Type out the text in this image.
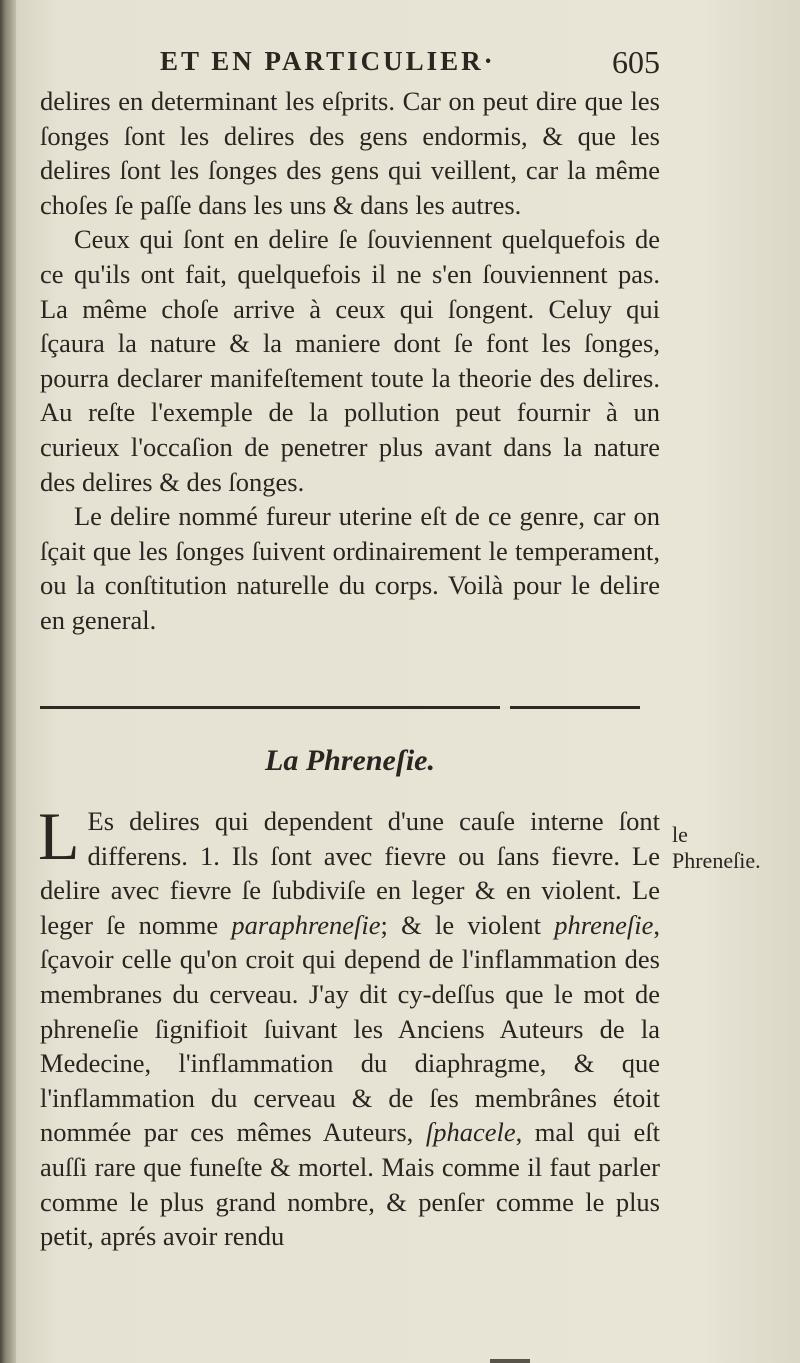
ET EN PARTICULIER·	605

delires en determinant les eſprits. Car on peut dire que les ſonges ſont les delires des gens endormis, & que les delires ſont les ſonges des gens qui veillent, car la même choſes ſe paſſe dans les uns & dans les autres.

Ceux qui ſont en delire ſe ſouviennent quelquefois de ce qu'ils ont fait, quelquefois il ne s'en ſouviennent pas. La même choſe arrive à ceux qui ſongent. Celuy qui ſçaura la nature & la maniere dont ſe font les ſonges, pourra declarer manifeſtement toute la theorie des delires. Au reſte l'exemple de la pollution peut fournir à un curieux l'occaſion de penetrer plus avant dans la nature des delires & des ſonges.

Le delire nommé fureur uterine eſt de ce genre, car on ſçait que les ſonges ſuivent ordinairement le temperament, ou la conſtitution naturelle du corps. Voilà pour le delire en general.

La Phreneſie.

L Es delires qui dependent d'une cauſe interne ſont differens. 1. Ils ſont avec fievre ou ſans fievre. Le delire avec fievre ſe ſubdiviſe en leger & en violent. Le leger ſe nomme paraphreneſie; & le violent phreneſie, ſçavoir celle qu'on croit qui depend de l'inflammation des membranes du cerveau. J'ay dit cy-deſſus que le mot de phreneſie ſignifioit ſuivant les Anciens Auteurs de la Medecine, l'inflammation du diaphragme, & que l'inflammation du cerveau & de ſes membrânes étoit nommée par ces mêmes Auteurs, ſphacele, mal qui eſt auſſi rare que funeſte & mortel. Mais comme il faut parler comme le plus grand nombre, & penſer comme le plus petit, aprés avoir rendu

le Phreneſie.
